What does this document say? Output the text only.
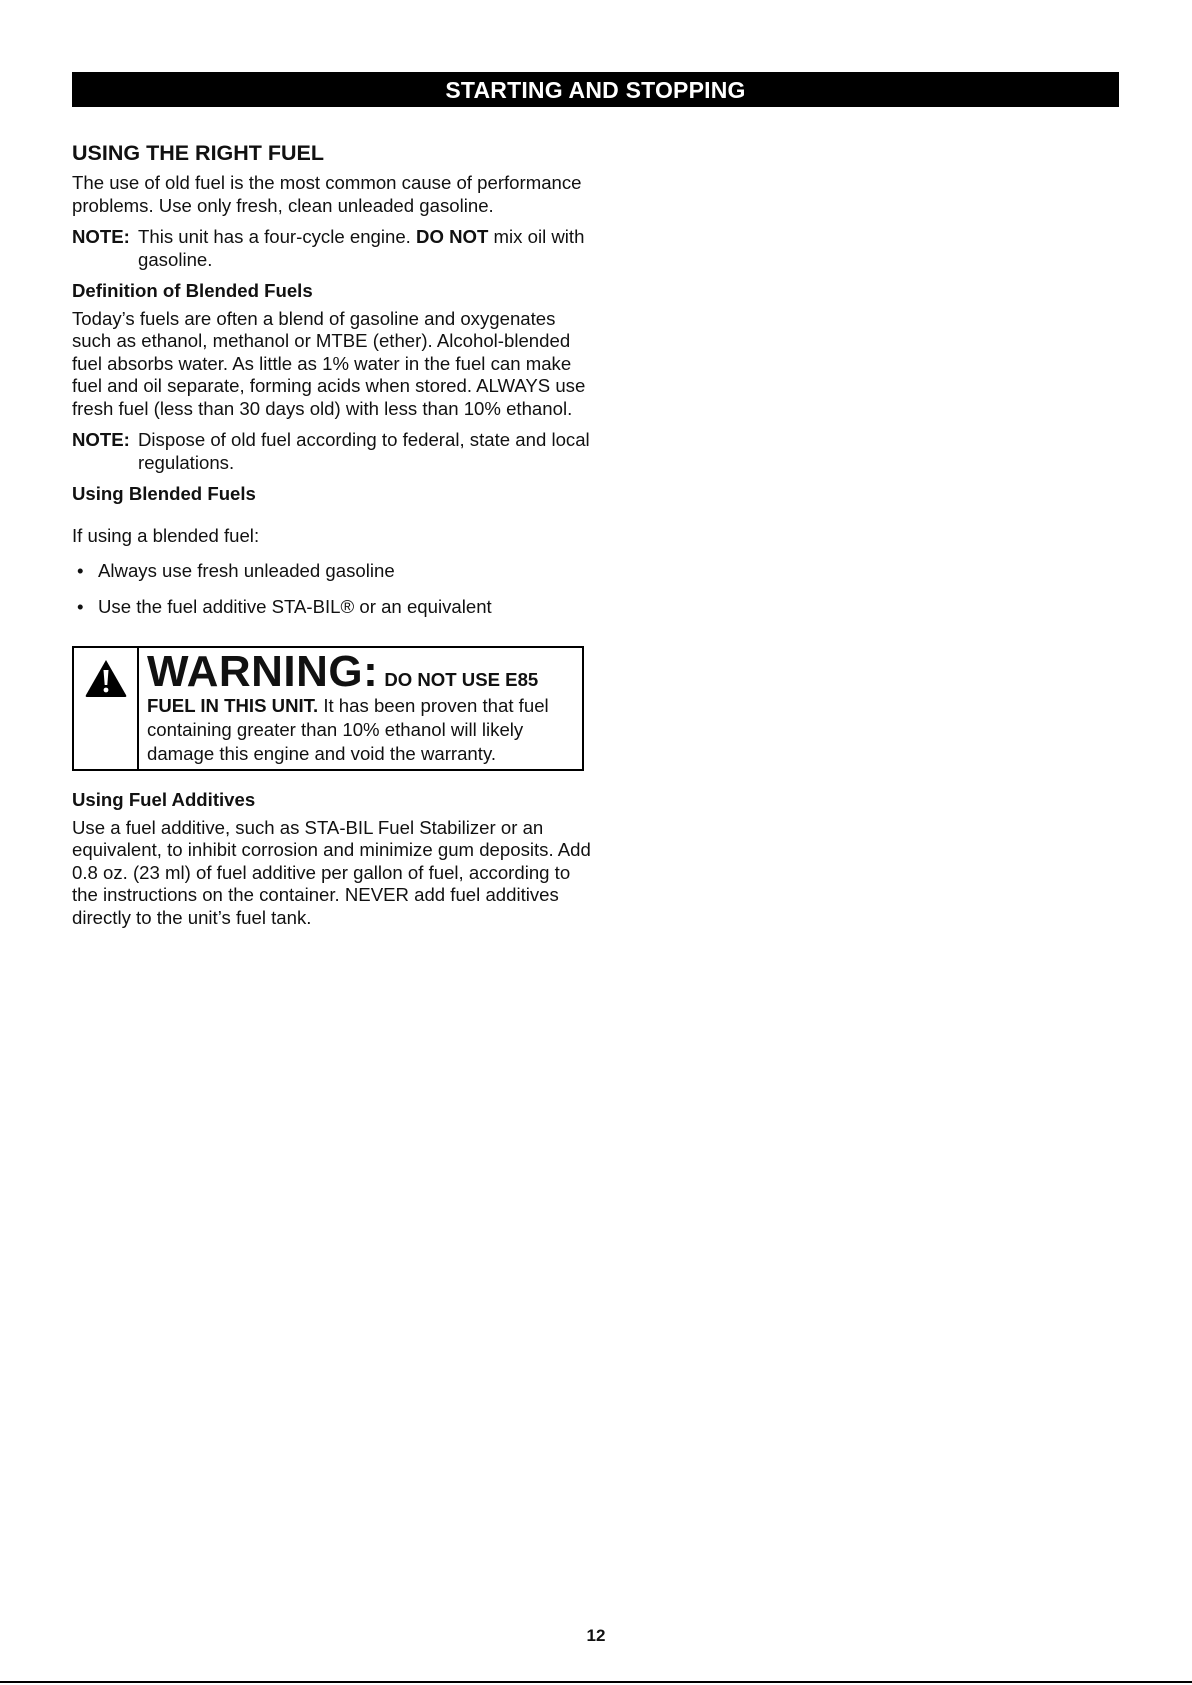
STARTING AND STOPPING
USING THE RIGHT FUEL

The use of old fuel is the most common cause of performance problems. Use only fresh, clean unleaded gasoline.

NOTE: This unit has a four-cycle engine. DO NOT mix oil with gasoline.
Definition of Blended Fuels

Today’s fuels are often a blend of gasoline and oxygenates such as ethanol, methanol or MTBE (ether). Alcohol-blended fuel absorbs water. As little as 1% water in the fuel can make fuel and oil separate, forming acids when stored. ALWAYS use fresh fuel (less than 30 days old) with less than 10% ethanol.

NOTE: Dispose of old fuel according to federal, state and local regulations.
Using Blended Fuels

If using a blended fuel:

• Always use fresh unleaded gasoline
• Use the fuel additive STA-BIL® or an equivalent
WARNING: DO NOT USE E85
FUEL IN THIS UNIT. It has been proven that fuel containing greater than 10% ethanol will likely damage this engine and void the warranty.
Using Fuel Additives

Use a fuel additive, such as STA-BIL Fuel Stabilizer or an equivalent, to inhibit corrosion and minimize gum deposits. Add 0.8 oz. (23 ml) of fuel additive per gallon of fuel, according to the instructions on the container. NEVER add fuel additives directly to the unit’s fuel tank.

12
